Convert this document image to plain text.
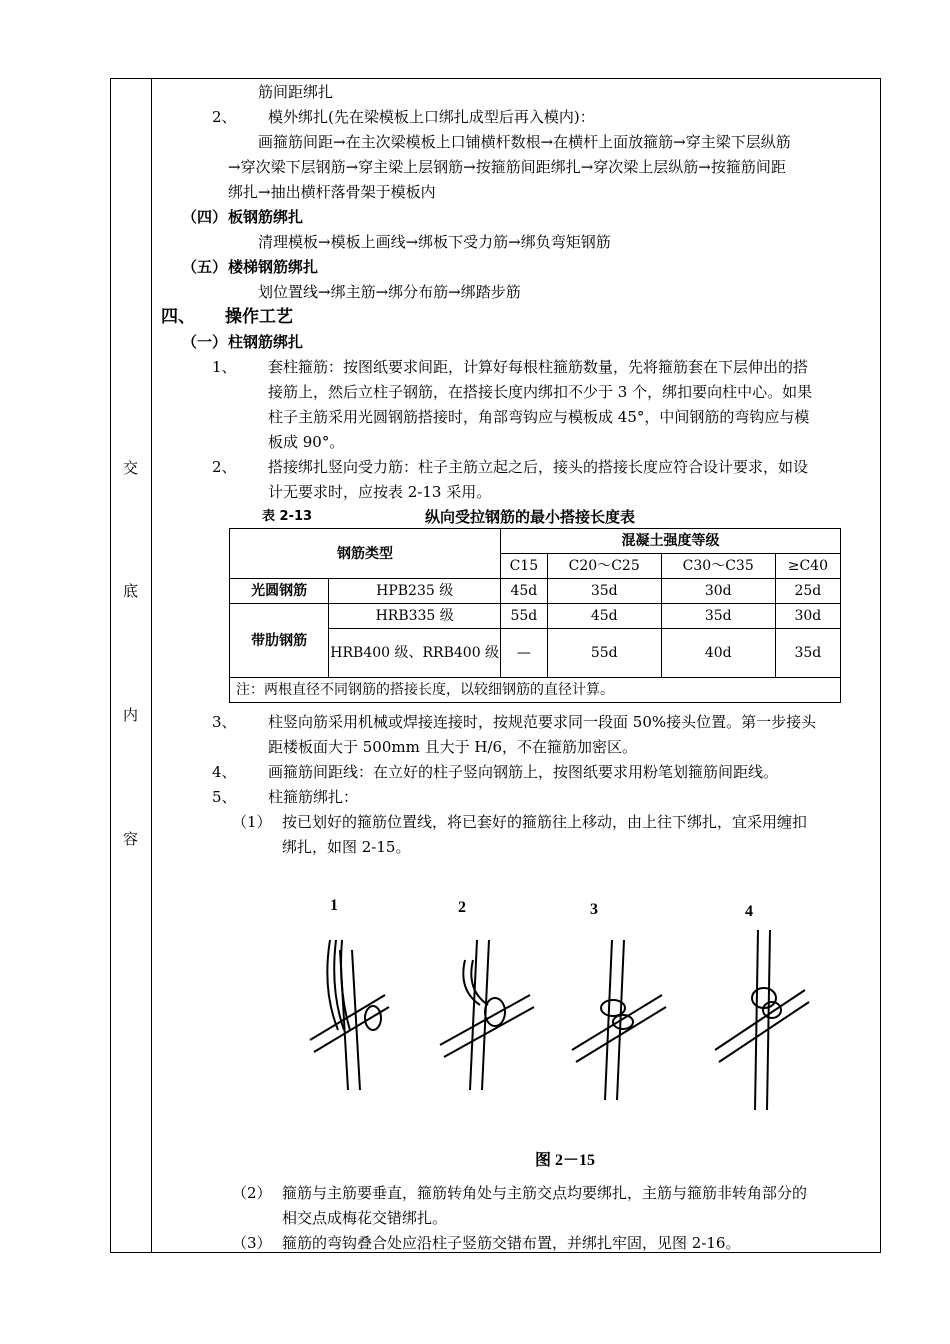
交
底
内
容
筋间距绑扎
2、 模外绑扎(先在梁模板上口绑扎成型后再入模内)：
画箍筋间距→在主次梁模板上口铺横杆数根→在横杆上面放箍筋→穿主梁下层纵筋
→穿次梁下层钢筋→穿主梁上层钢筋→按箍筋间距绑扎→穿次梁上层纵筋→按箍筋间距
绑扎→抽出横杆落骨架于模板内
（四） 板钢筋绑扎
清理模板→模板上画线→绑板下受力筋→绑负弯矩钢筋
（五） 楼梯钢筋绑扎
划位置线→绑主筋→绑分布筋→绑踏步筋
四、 操作工艺
（一） 柱钢筋绑扎
1、 套柱箍筋：按图纸要求间距，计算好每根柱箍筋数量，先将箍筋套在下层伸出的搭
接筋上，然后立柱子钢筋，在搭接长度内绑扣不少于 3 个，绑扣要向柱中心。如果
柱子主筋采用光圆钢筋搭接时，角部弯钩应与模板成 45°，中间钢筋的弯钩应与模
板成 90°。
2、 搭接绑扎竖向受力筋：柱子主筋立起之后，接头的搭接长度应符合设计要求，如设
计无要求时，应按表 2-13 采用。
表 2-13	纵向受拉钢筋的最小搭接长度表
钢筋类型		混凝土强度等级			
		C15	C20～C25	C30～C35	≥C40
光圆钢筋	HPB235 级	45d	35d	30d	25d
带肋钢筋	HRB335 级	55d	45d	35d	30d
	HRB400 级、RRB400 级	—	55d	40d	35d
注：两根直径不同钢筋的搭接长度，以较细钢筋的直径计算。					
3、 柱竖向筋采用机械或焊接连接时，按规范要求同一段面 50%接头位置。第一步接头
距楼板面大于 500mm 且大于 H/6，不在箍筋加密区。
4、 画箍筋间距线：在立好的柱子竖向钢筋上，按图纸要求用粉笔划箍筋间距线。
5、 柱箍筋绑扎：
（1） 按已划好的箍筋位置线，将已套好的箍筋往上移动，由上往下绑扎，宜采用缠扣
绑扎，如图 2-15。
1	2	3	4
图 2－15
（2） 箍筋与主筋要垂直，箍筋转角处与主筋交点均要绑扎，主筋与箍筋非转角部分的
相交点成梅花交错绑扎。
（3） 箍筋的弯钩叠合处应沿柱子竖筋交错布置，并绑扎牢固，见图 2-16。
